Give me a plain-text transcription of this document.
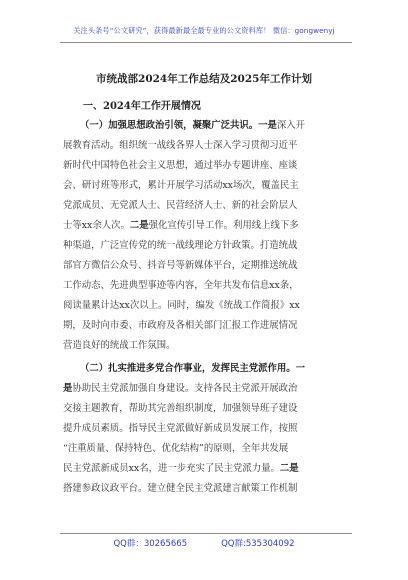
关注头条号“公文研究”，获得最新最全最专业的公文资料库！ 微信：gongwenyj
市统战部2024年工作总结及2025年工作计划
一、2024年工作开展情况
（一）加强思想政治引领，凝聚广泛共识。一是深入开
展教育活动。组织统一战线各界人士深入学习贯彻习近平
新时代中国特色社会主义思想，通过举办专题讲座、座谈
会、研讨班等形式，累计开展学习活动xx场次，覆盖民主
党派成员、无党派人士、民营经济人士、新的社会阶层人
士等xx余人次。二是强化宣传引导工作。利用线上线下多
种渠道，广泛宣传党的统一战线理论方针政策。打造统战
部官方微信公众号、抖音号等新媒体平台，定期推送统战
工作动态、先进典型事迹等内容，全年共发布信息xx条，
阅读量累计达xx次以上。同时，编发《统战工作简报》xx
期，及时向市委、市政府及各相关部门汇报工作进展情况
营造良好的统战工作氛围。
（二）扎实推进多党合作事业，发挥民主党派作用。一
是协助民主党派加强自身建设。支持各民主党派开展政治
交接主题教育，帮助其完善组织制度，加强领导班子建设
提升成员素质。指导民主党派做好新成员发展工作，按照
“注重质量、保持特色、优化结构”的原则，全年共发展
民主党派新成员xx名，进一步充实了民主党派力量。二是
搭建参政议政平台。建立健全民主党派建言献策工作机制
QQ群：30265665	QQ群:535304092
